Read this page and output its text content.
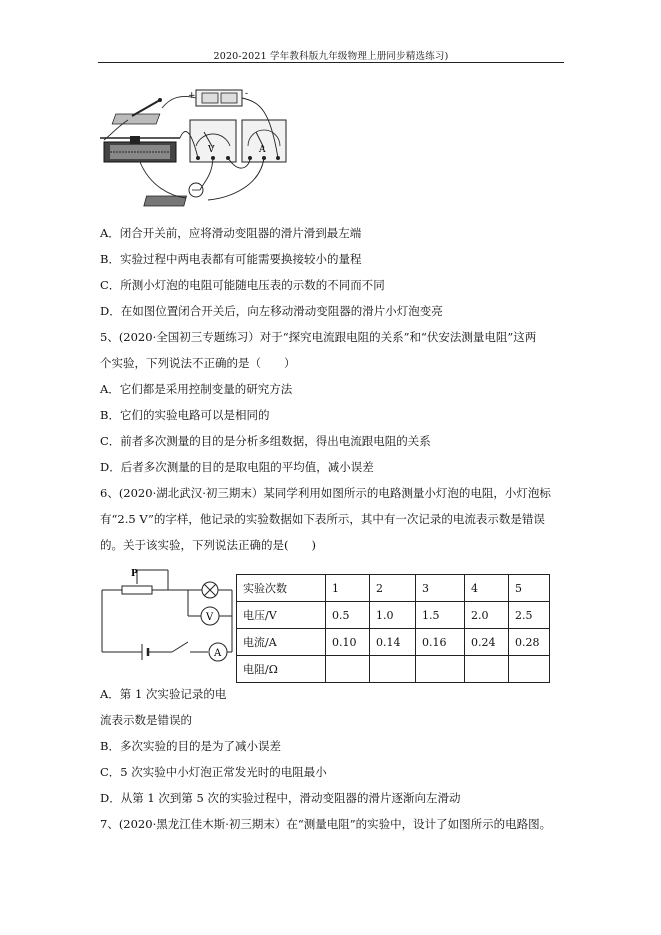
2020-2021 学年教科版九年级物理上册同步精选练习)
+	-
V	A
A．闭合开关前，应将滑动变阻器的滑片滑到最左端
B．实验过程中两电表都有可能需要换接较小的量程
C．所测小灯泡的电阻可能随电压表的示数的不同而不同
D．在如图位置闭合开关后，向左移动滑动变阻器的滑片小灯泡变亮
5、(2020·全国初三专题练习）对于“探究电流跟电阻的关系”和“伏安法测量电阻”这两
个实验，下列说法不正确的是（　　）
A．它们都是采用控制变量的研究方法
B．它们的实验电路可以是相同的
C．前者多次测量的目的是分析多组数据，得出电流跟电阻的关系
D．后者多次测量的目的是取电阻的平均值，减小误差
6、(2020·湖北武汉·初三期末）某同学利用如图所示的电路测量小灯泡的电阻，小灯泡标
有“2.5 V”的字样，他记录的实验数据如下表所示，其中有一次记录的电流表示数是错误
的。关于该实验，下列说法正确的是(　　)
P
V
A
实验次数	1	2	3	4	5
电压/V	0.5	1.0	1.5	2.0	2.5
电流/A	0.10	0.14	0.16	0.24	0.28
电阻/Ω					
A．第 1 次实验记录的电
流表示数是错误的
B．多次实验的目的是为了减小误差
C．5 次实验中小灯泡正常发光时的电阻最小
D．从第 1 次到第 5 次的实验过程中，滑动变阻器的滑片逐渐向左滑动
7、(2020·黑龙江佳木斯·初三期末）在“测量电阻”的实验中，设计了如图所示的电路图。
